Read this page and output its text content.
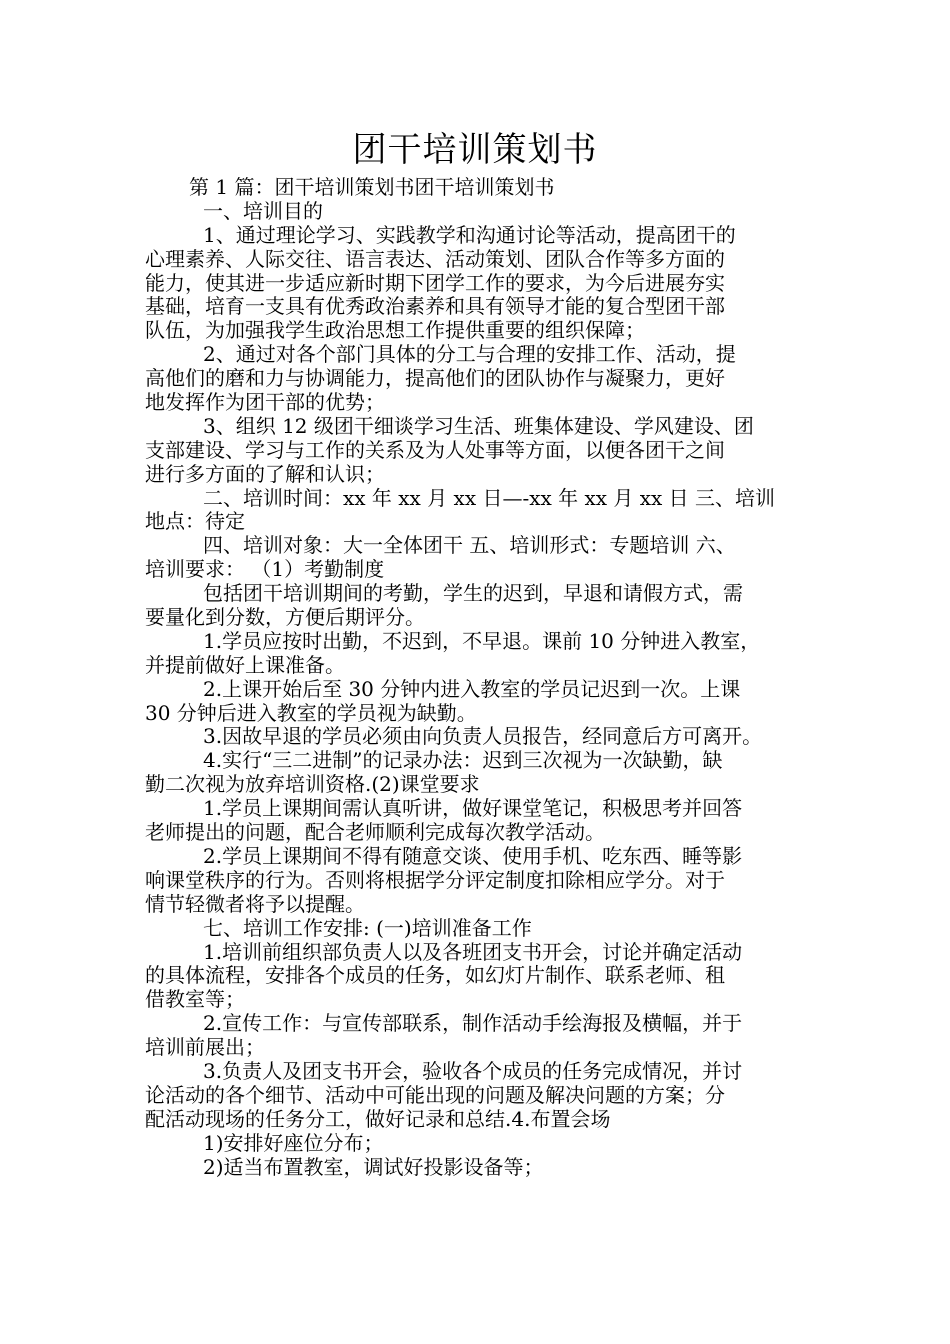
团干培训策划书
第 1 篇：团干培训策划书团干培训策划书
一、培训目的
1、通过理论学习、实践教学和沟通讨论等活动，提高团干的
心理素养、人际交往、语言表达、活动策划、团队合作等多方面的
能力，使其进一步适应新时期下团学工作的要求，为今后进展夯实
基础，培育一支具有优秀政治素养和具有领导才能的复合型团干部
队伍，为加强我学生政治思想工作提供重要的组织保障；
2、通过对各个部门具体的分工与合理的安排工作、活动，提
高他们的磨和力与协调能力，提高他们的团队协作与凝聚力，更好
地发挥作为团干部的优势；
3、组织 12 级团干细谈学习生活、班集体建设、学风建设、团
支部建设、学习与工作的关系及为人处事等方面，以便各团干之间
进行多方面的了解和认识；
二、培训时间：xx 年 xx 月 xx 日—-xx 年 xx 月 xx 日 三、培训
地点：待定
四、培训对象：大一全体团干 五、培训形式：专题培训 六、
培训要求： （1）考勤制度
包括团干培训期间的考勤，学生的迟到，早退和请假方式，需
要量化到分数，方便后期评分。
1.学员应按时出勤，不迟到，不早退。课前 10 分钟进入教室，
并提前做好上课准备。
2.上课开始后至 30 分钟内进入教室的学员记迟到一次。上课
30 分钟后进入教室的学员视为缺勤。
3.因故早退的学员必须由向负责人员报告，经同意后方可离开。
4.实行“三二进制”的记录办法：迟到三次视为一次缺勤，缺
勤二次视为放弃培训资格.(2)课堂要求
1.学员上课期间需认真听讲，做好课堂笔记，积极思考并回答
老师提出的问题，配合老师顺利完成每次教学活动。
2.学员上课期间不得有随意交谈、使用手机、吃东西、睡等影
响课堂秩序的行为。否则将根据学分评定制度扣除相应学分。对于
情节轻微者将予以提醒。
七、培训工作安排: (一)培训准备工作
1.培训前组织部负责人以及各班团支书开会，讨论并确定活动
的具体流程，安排各个成员的任务，如幻灯片制作、联系老师、租
借教室等；
2.宣传工作：与宣传部联系，制作活动手绘海报及横幅，并于
培训前展出；
3.负责人及团支书开会，验收各个成员的任务完成情况，并讨
论活动的各个细节、活动中可能出现的问题及解决问题的方案；分
配活动现场的任务分工，做好记录和总结.4.布置会场
1)安排好座位分布；
2)适当布置教室，调试好投影设备等；
